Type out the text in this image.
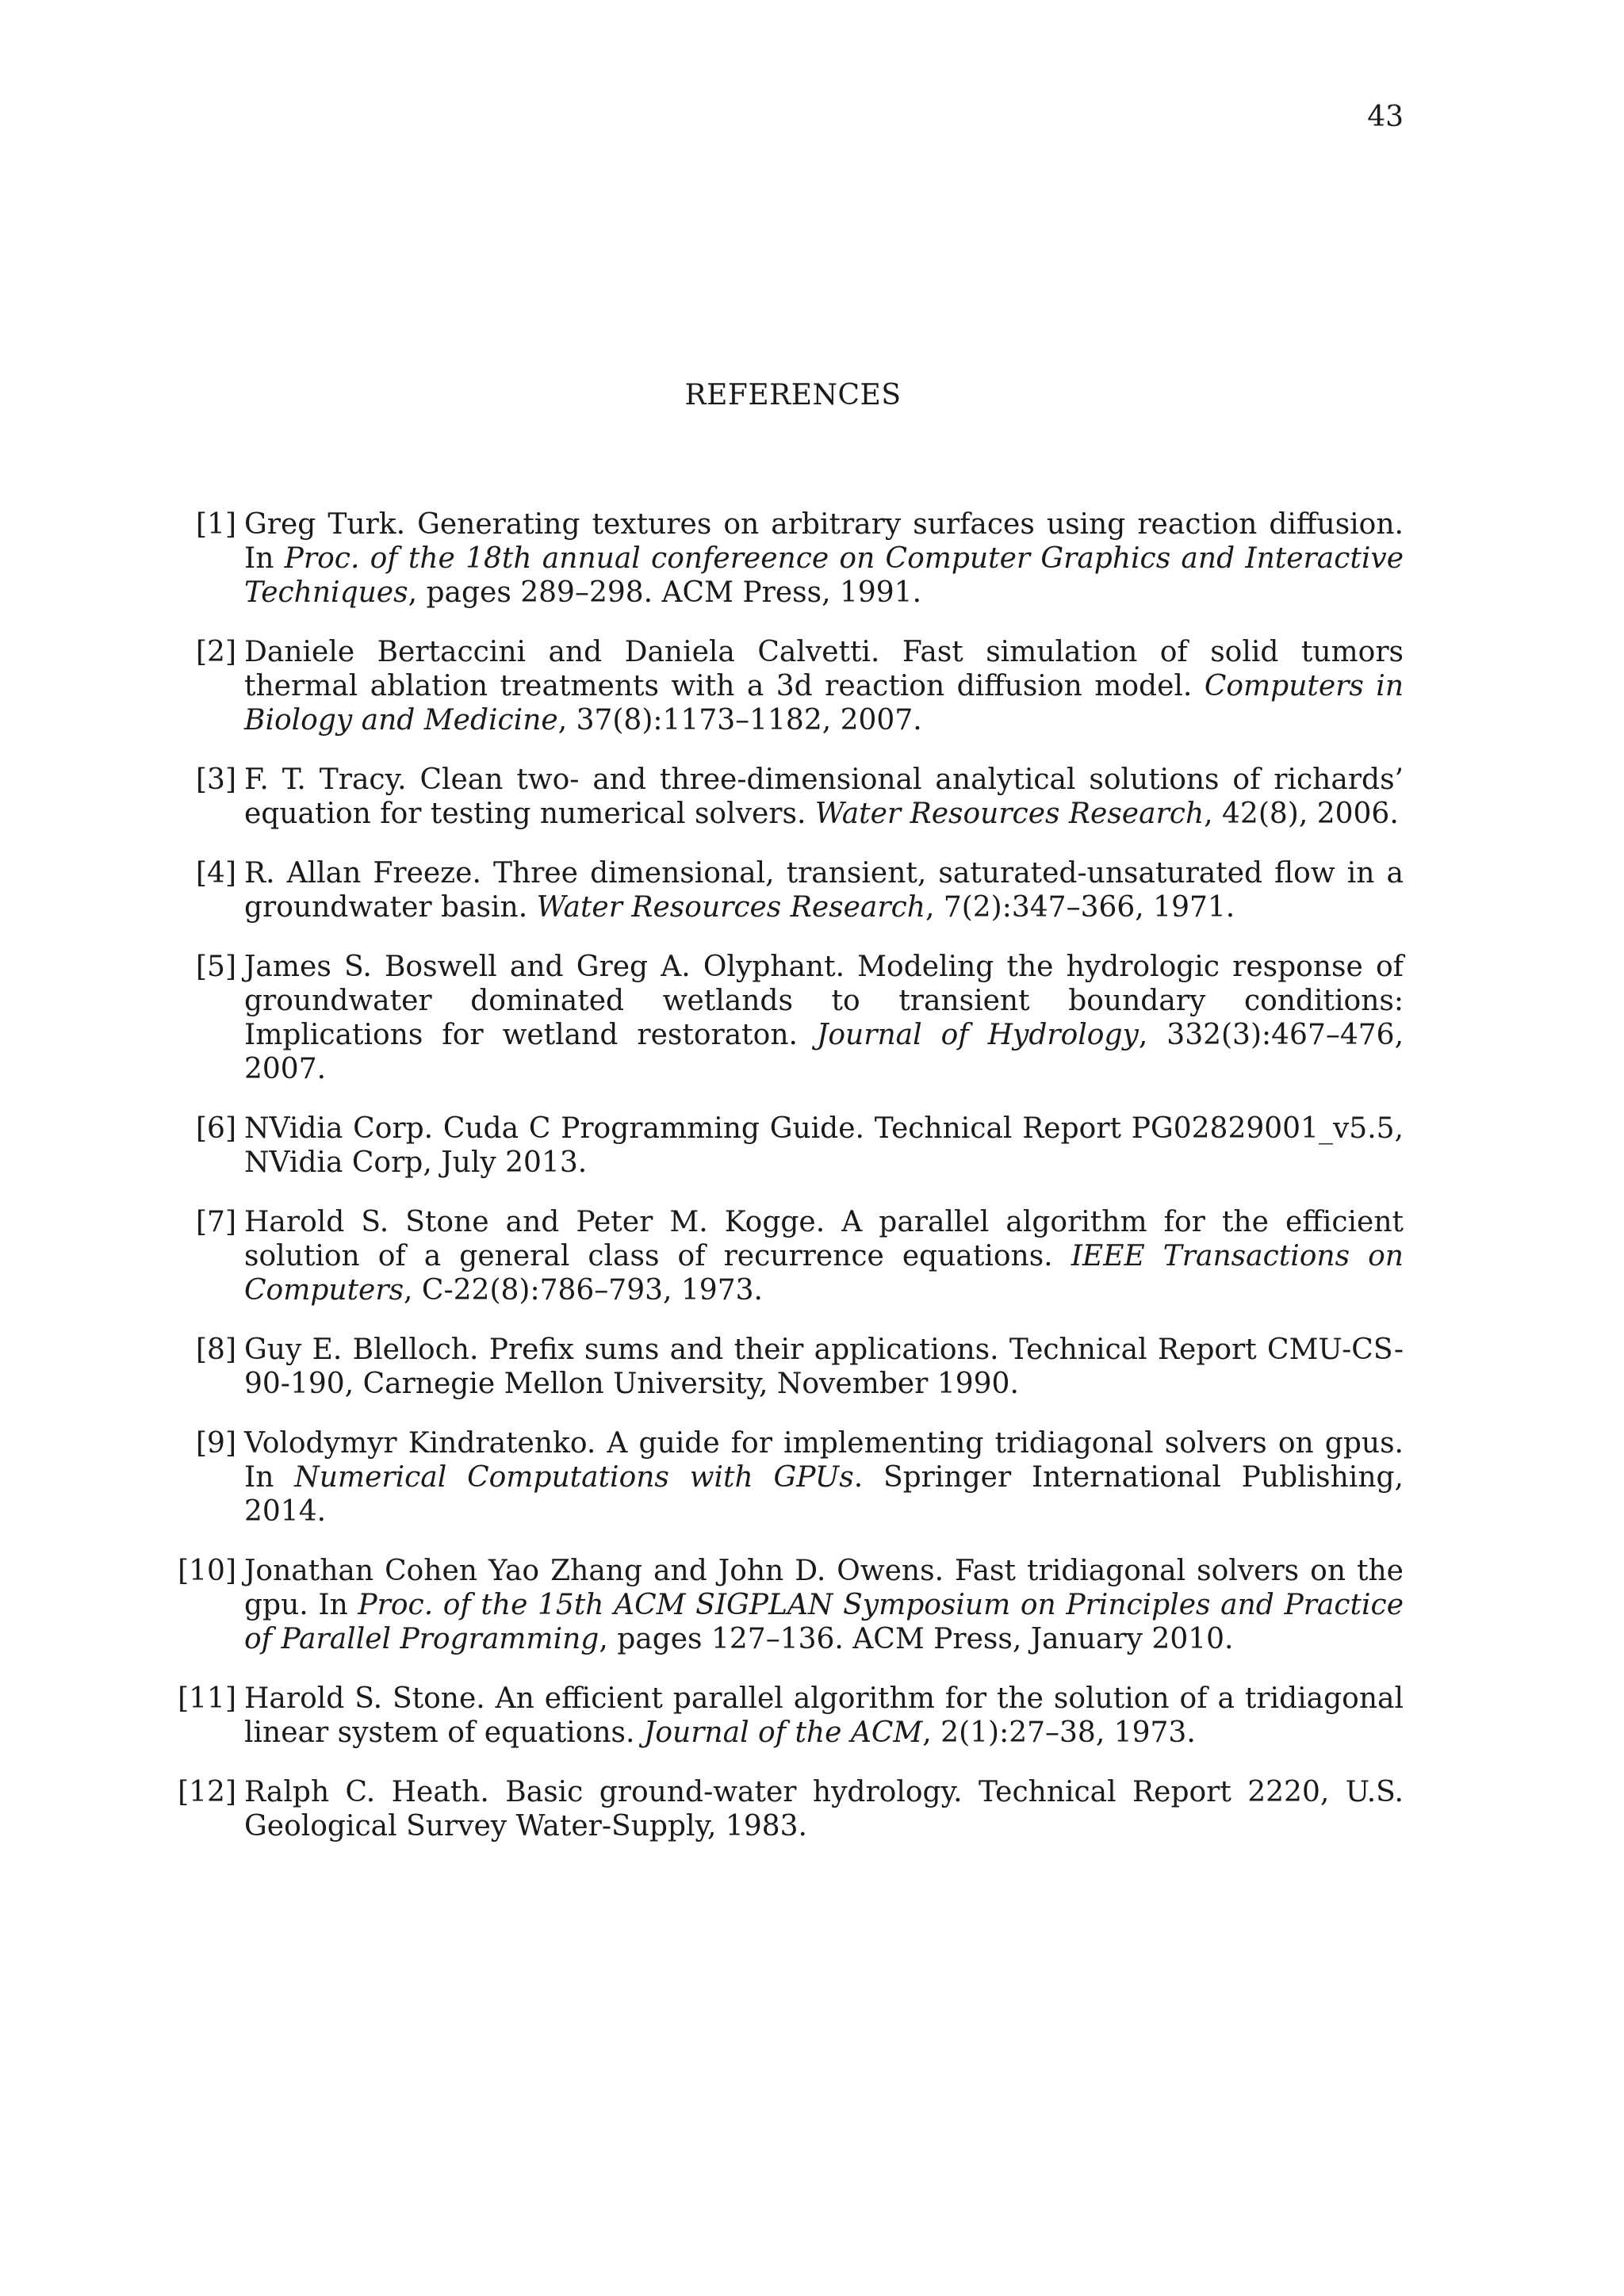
43
REFERENCES
[1] Greg Turk. Generating textures on arbitrary surfaces using reaction diffusion. In Proc. of the 18th annual confereence on Computer Graphics and Interactive Techniques, pages 289–298. ACM Press, 1991.
[2] Daniele Bertaccini and Daniela Calvetti. Fast simulation of solid tumors thermal ablation treatments with a 3d reaction diffusion model. Computers in Biology and Medicine, 37(8):1173–1182, 2007.
[3] F. T. Tracy. Clean two- and three-dimensional analytical solutions of richards’ equation for testing numerical solvers. Water Resources Research, 42(8), 2006.
[4] R. Allan Freeze. Three dimensional, transient, saturated-unsaturated flow in a groundwater basin. Water Resources Research, 7(2):347–366, 1971.
[5] James S. Boswell and Greg A. Olyphant. Modeling the hydrologic response of groundwater dominated wetlands to transient boundary conditions: Implications for wetland restoraton. Journal of Hydrology, 332(3):467–476, 2007.
[6] NVidia Corp. Cuda C Programming Guide. Technical Report PG02829001_v5.5, NVidia Corp, July 2013.
[7] Harold S. Stone and Peter M. Kogge. A parallel algorithm for the efficient solution of a general class of recurrence equations. IEEE Transactions on Computers, C-22(8):786–793, 1973.
[8] Guy E. Blelloch. Prefix sums and their applications. Technical Report CMU-CS-90-190, Carnegie Mellon University, November 1990.
[9] Volodymyr Kindratenko. A guide for implementing tridiagonal solvers on gpus. In Numerical Computations with GPUs. Springer International Publishing, 2014.
[10] Jonathan Cohen Yao Zhang and John D. Owens. Fast tridiagonal solvers on the gpu. In Proc. of the 15th ACM SIGPLAN Symposium on Principles and Practice of Parallel Programming, pages 127–136. ACM Press, January 2010.
[11] Harold S. Stone. An efficient parallel algorithm for the solution of a tridiagonal linear system of equations. Journal of the ACM, 2(1):27–38, 1973.
[12] Ralph C. Heath. Basic ground-water hydrology. Technical Report 2220, U.S. Geological Survey Water-Supply, 1983.
